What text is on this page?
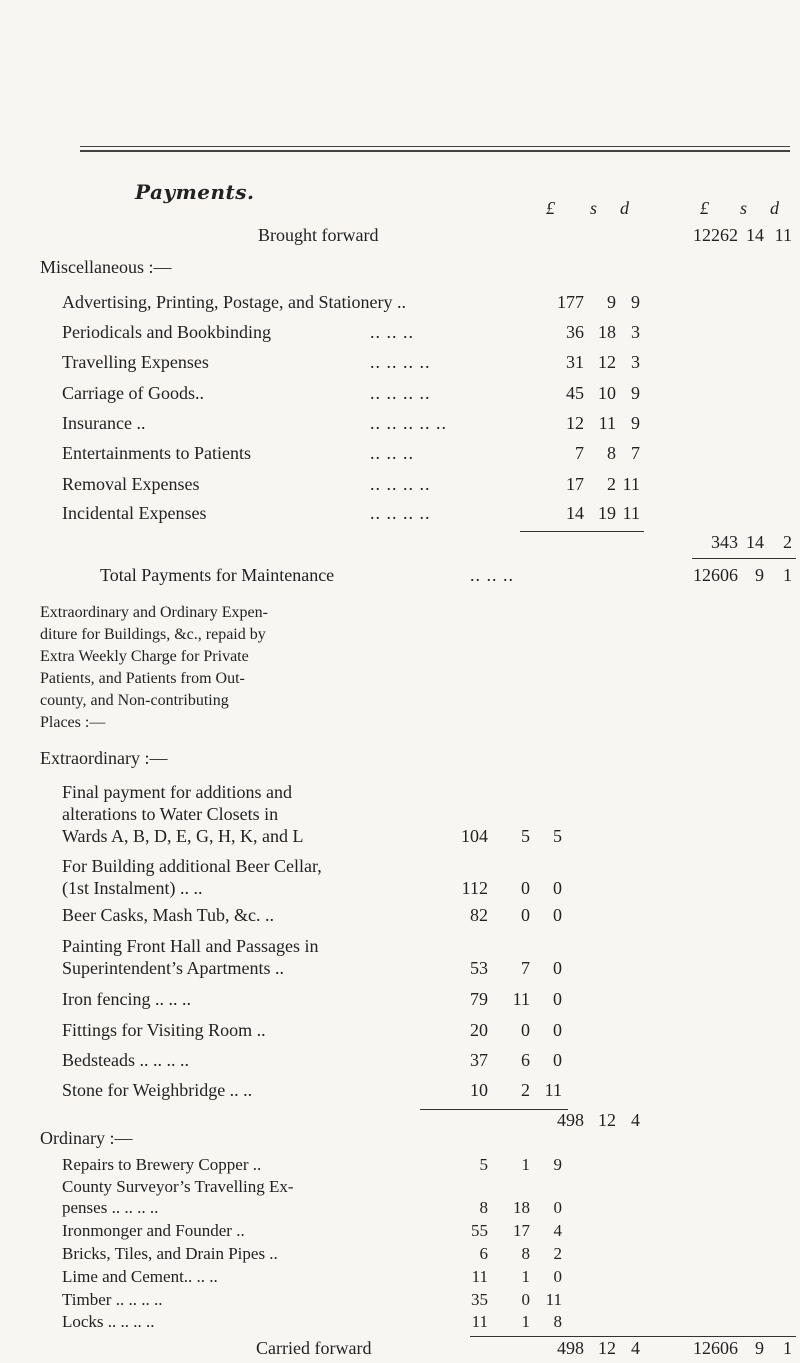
Payments.
£ s d	£ s d
Brought forward	12262 14 11
Miscellaneous :—
Advertising, Printing, Postage, and Stationery ..	177 9 9
Periodicals and Bookbinding	.. .. ..	36 18 3
Travelling Expenses	.. .. .. ..	31 12 3
Carriage of Goods..	.. .. .. ..	45 10 9
Insurance ..	.. .. .. .. ..	12 11 9
Entertainments to Patients	.. .. ..	7 8 7
Removal Expenses	.. .. .. ..	17 2 11
Incidental Expenses	.. .. .. ..	14 19 11
343 14 2
Total Payments for Maintenance	.. .. ..	12606 9 1
Extraordinary and Ordinary Expen-
diture for Buildings, &c., repaid by
Extra Weekly Charge for Private
Patients, and Patients from Out-
county, and Non-contributing
Places :—
Extraordinary :—
Final payment for additions and
alterations to Water Closets in
Wards A, B, D, E, G, H, K, and L	104 5 5
For Building additional Beer Cellar,
(1st Instalment) .. ..	112 0 0
Beer Casks, Mash Tub, &c. ..	82 0 0
Painting Front Hall and Passages in
Superintendent’s Apartments ..	53 7 0
Iron fencing .. .. ..	79 11 0
Fittings for Visiting Room ..	20 0 0
Bedsteads .. .. .. ..	37 6 0
Stone for Weighbridge .. ..	10 2 11
498 12 4
Ordinary :—
Repairs to Brewery Copper ..	5 1 9
County Surveyor’s Travelling Ex-
penses .. .. .. ..	8 18 0
Ironmonger and Founder ..	55 17 4
Bricks, Tiles, and Drain Pipes ..	6 8 2
Lime and Cement.. .. ..	11 1 0
Timber .. .. .. ..	35 0 11
Locks .. .. .. ..	11 1 8
Carried forward	498 12 4	12606 9 1
